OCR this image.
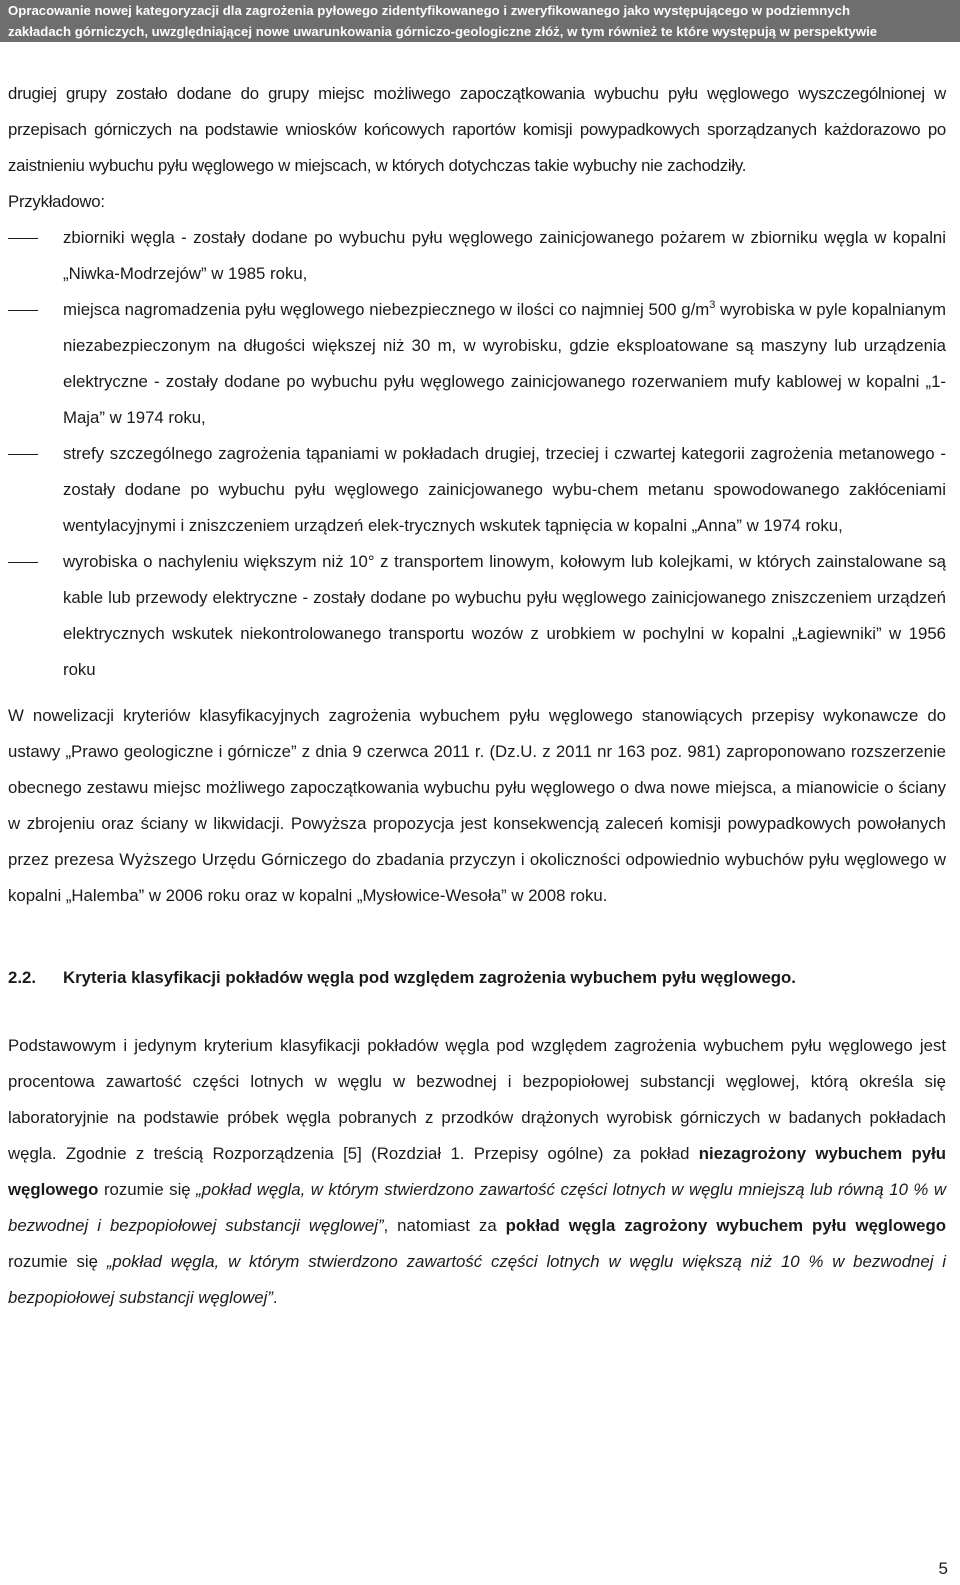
Opracowanie nowej kategoryzacji dla zagrożenia pyłowego zidentyfikowanego i zweryfikowanego jako występującego w podziemnych
zakładach górniczych, uwzględniającej nowe uwarunkowania górniczo-geologiczne złóż, w tym również te które występują w perspektywie

drugiej grupy zostało dodane do grupy miejsc możliwego zapoczątkowania wybuchu pyłu węglowego wyszczególnionej w przepisach górniczych na podstawie wniosków końcowych raportów komisji powypadkowych sporządzanych każdorazowo po zaistnieniu wybuchu pyłu węglowego w miejscach, w których dotychczas takie wybuchy nie zachodziły.
Przykładowo:

zbiorniki węgla - zostały dodane po wybuchu pyłu węglowego zainicjowanego pożarem w zbiorniku węgla w kopalni „Niwka-Modrzejów” w 1985 roku,
miejsca nagromadzenia pyłu węglowego niebezpiecznego w ilości co najmniej 500 $g/m^3$ wyrobiska w pyle kopalnianym niezabezpieczonym na długości większej niż 30 m, w wyrobisku, gdzie eksploatowane są maszyny lub urządzenia elektryczne - zostały dodane po wybuchu pyłu węglowego zainicjowanego rozerwaniem mufy kablowej w kopalni „1-Maja” w 1974 roku,
strefy szczególnego zagrożenia tąpaniami w pokładach drugiej, trzeciej i czwartej kategorii zagrożenia metanowego - zostały dodane po wybuchu pyłu węglowego zainicjowanego wybu-chem metanu spowodowanego zakłóceniami wentylacyjnymi i zniszczeniem urządzeń elek-trycznych wskutek tąpnięcia w kopalni „Anna” w 1974 roku,
wyrobiska o nachyleniu większym niż 10° z transportem linowym, kołowym lub kolejkami, w których zainstalowane są kable lub przewody elektryczne - zostały dodane po wybuchu pyłu węglowego zainicjowanego zniszczeniem urządzeń elektrycznych wskutek niekontrolowanego transportu wozów z urobkiem w pochylni w kopalni „Łagiewniki” w 1956 roku

W nowelizacji kryteriów klasyfikacyjnych zagrożenia wybuchem pyłu węglowego stanowiących przepisy wykonawcze do ustawy „Prawo geologiczne i górnicze” z dnia 9 czerwca 2011 r. (Dz.U. z 2011 nr 163 poz. 981) zaproponowano rozszerzenie obecnego zestawu miejsc możliwego zapoczątkowania wybuchu pyłu węglowego o dwa nowe miejsca, a mianowicie o ściany w zbrojeniu oraz ściany w likwidacji. Powyższa propozycja jest konsekwencją zaleceń komisji powypadkowych powołanych przez prezesa Wyższego Urzędu Górniczego do zbadania przyczyn i okoliczności odpowiednio wybuchów pyłu węglowego w kopalni „Halemba” w 2006 roku oraz w kopalni „Mysłowice-Wesoła” w 2008 roku.

2.2.	Kryteria klasyfikacji pokładów węgla pod względem zagrożenia wybuchem pyłu węglowego.

Podstawowym i jedynym kryterium klasyfikacji pokładów węgla pod względem zagrożenia wybuchem pyłu węglowego jest procentowa zawartość części lotnych w węglu w bezwodnej i bezpopiołowej substancji węglowej, którą określa się laboratoryjnie na podstawie próbek węgla pobranych z przodków drążonych wyrobisk górniczych w badanych pokładach węgla. Zgodnie z treścią Rozporządzenia [5] (Rozdział 1. Przepisy ogólne) za pokład niezagrożony wybuchem pyłu węglowego rozumie się „pokład węgla, w którym stwierdzono zawartość części lotnych w węglu mniejszą lub równą 10 % w bezwodnej i bezpopiołowej substancji węglowej”, natomiast za pokład węgla zagrożony wybuchem pyłu węglowego rozumie się „pokład węgla, w którym stwierdzono zawartość części lotnych w węglu większą niż 10 % w bezwodnej i bezpopiołowej substancji węglowej”.

5
